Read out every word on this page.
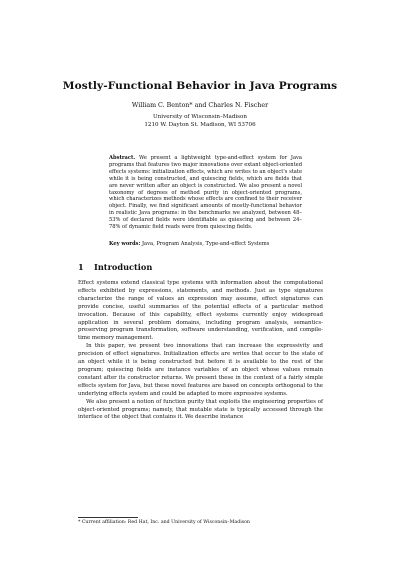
Mostly-Functional Behavior in Java Programs
William C. Benton* and Charles N. Fischer
University of Wisconsin–Madison
1210 W. Dayton St. Madison, WI 53706
Abstract. We present a lightweight type-and-effect system for Java programs that features two major innovations over extant object-oriented effects systems: initialization effects, which are writes to an object's state while it is being constructed, and quiescing fields, which are fields that are never written after an object is constructed. We also present a novel taxonomy of degrees of method purity in object-oriented programs, which characterizes methods whose effects are confined to their receiver object. Finally, we find significant amounts of mostly-functional behavior in realistic Java programs: in the benchmarks we analyzed, between 48–53% of declared fields were identifiable as quiescing and between 24–78% of dynamic field reads were from quiescing fields.
Key words: Java, Program Analysis, Type-and-effect Systems
1 Introduction

Effect systems extend classical type systems with information about the computational effects exhibited by expressions, statements, and methods. Just as type signatures characterize the range of values an expression may assume, effect signatures can provide concise, useful summaries of the potential effects of a particular method invocation. Because of this capability, effect systems currently enjoy widespread application in several problem domains, including program analysis, semantics-preserving program transformation, software understanding, verification, and compile-time memory management.

In this paper, we present two innovations that can increase the expressivity and precision of effect signatures. Initialization effects are writes that occur to the state of an object while it is being constructed but before it is available to the rest of the program; quiescing fields are instance variables of an object whose values remain constant after its constructor returns. We present these in the context of a fairly simple effects system for Java, but these novel features are based on concepts orthogonal to the underlying effects system and could be adapted to more expressive systems.

We also present a notion of function purity that exploits the engineering properties of object-oriented programs; namely, that mutable state is typically accessed through the interface of the object that contains it. We describe instance

* Current affiliation: Red Hat, Inc. and University of Wisconsin–Madison
